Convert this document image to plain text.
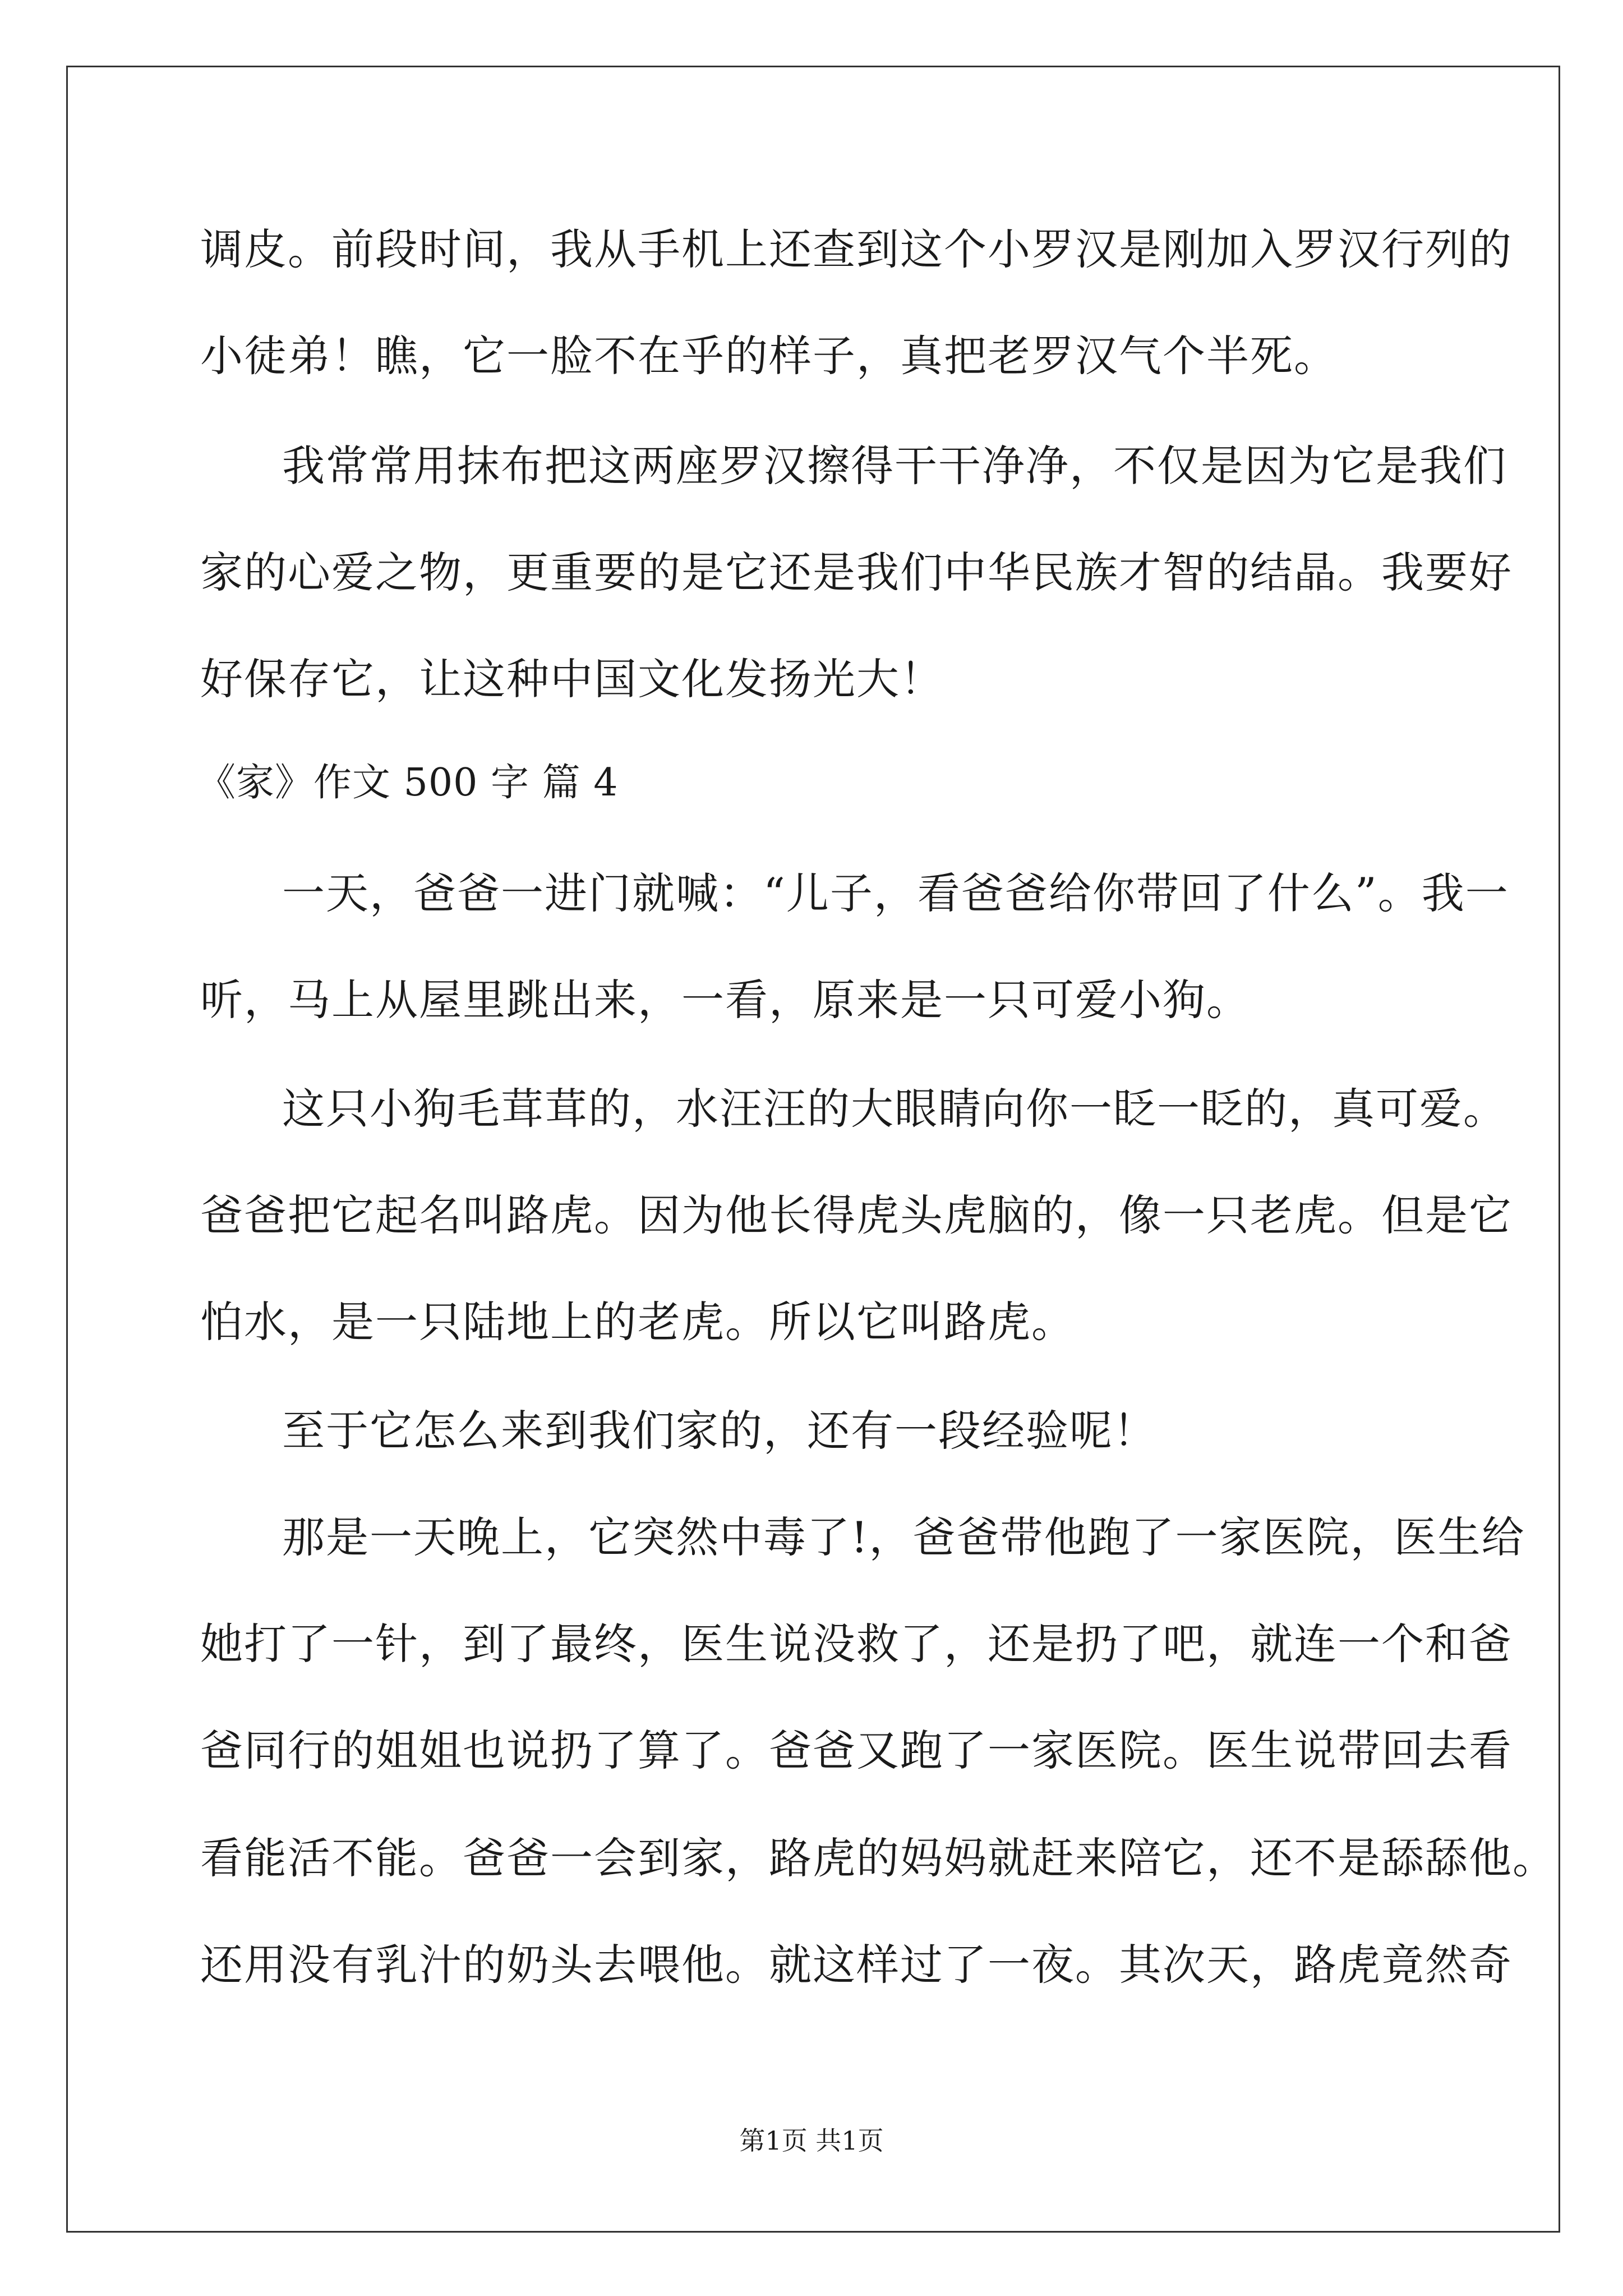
调皮。前段时间，我从手机上还查到这个小罗汉是刚加入罗汉行列的
小徒弟！瞧，它一脸不在乎的样子，真把老罗汉气个半死。
我常常用抹布把这两座罗汉擦得干干净净，不仅是因为它是我们
家的心爱之物，更重要的是它还是我们中华民族才智的结晶。我要好
好保存它，让这种中国文化发扬光大！
《家》作文 500 字 篇 4
一天，爸爸一进门就喊：“儿子，看爸爸给你带回了什么”。我一
听，马上从屋里跳出来，一看，原来是一只可爱小狗。
这只小狗毛茸茸的，水汪汪的大眼睛向你一眨一眨的，真可爱。
爸爸把它起名叫路虎。因为他长得虎头虎脑的，像一只老虎。但是它
怕水，是一只陆地上的老虎。所以它叫路虎。
至于它怎么来到我们家的，还有一段经验呢！
那是一天晚上，它突然中毒了!，爸爸带他跑了一家医院，医生给
她打了一针，到了最终，医生说没救了，还是扔了吧，就连一个和爸
爸同行的姐姐也说扔了算了。爸爸又跑了一家医院。医生说带回去看
看能活不能。爸爸一会到家，路虎的妈妈就赶来陪它，还不是舔舔他。
还用没有乳汁的奶头去喂他。就这样过了一夜。其次天，路虎竟然奇
第1页 共1页
